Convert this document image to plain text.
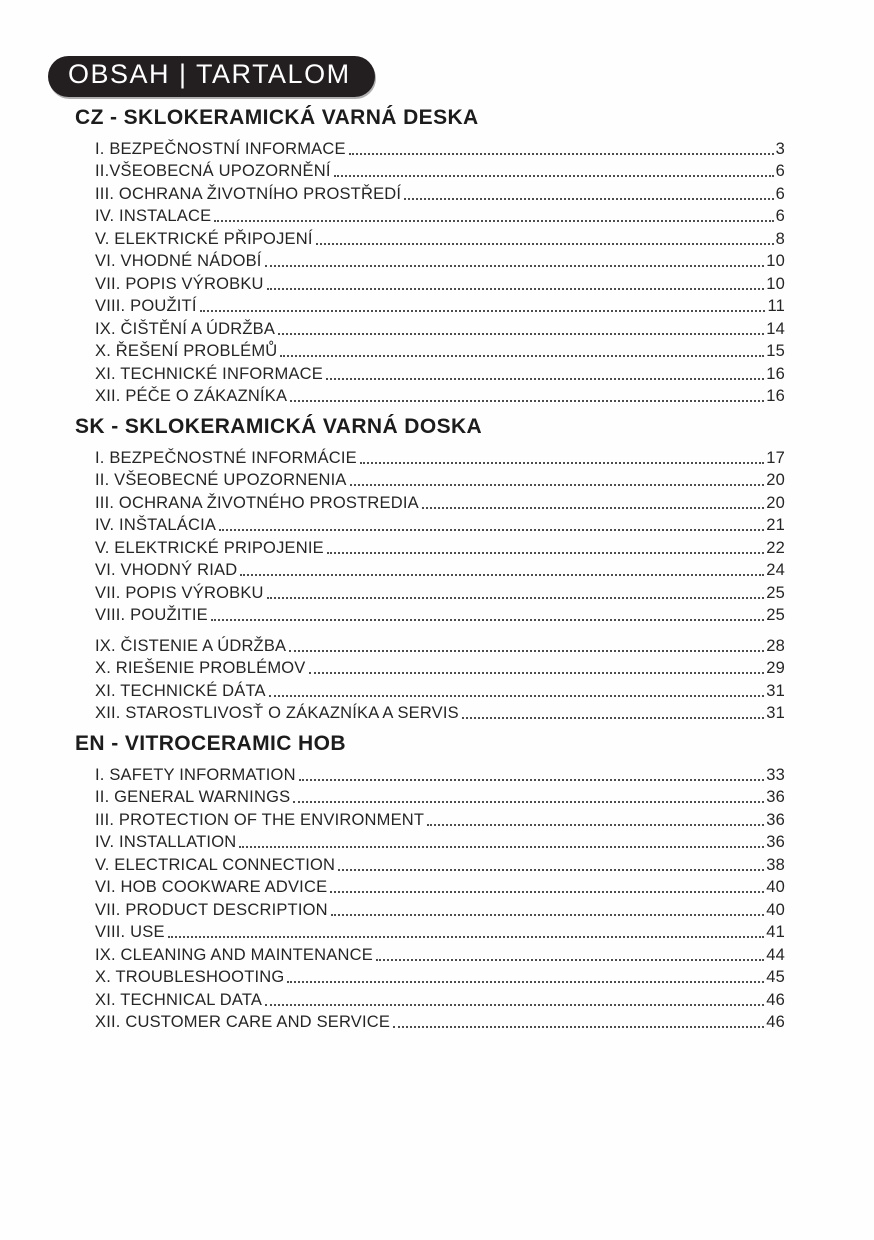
OBSAH | TARTALOM
CZ - SKLOKERAMICKÁ VARNÁ DESKA
I. BEZPEČNOSTNÍ INFORMACE	3
II.VŠEOBECNÁ UPOZORNĚNÍ	6
III. OCHRANA ŽIVOTNÍHO PROSTŘEDÍ	6
IV. INSTALACE	6
V. ELEKTRICKÉ PŘIPOJENÍ	8
VI. VHODNÉ NÁDOBÍ	10
VII. POPIS VÝROBKU	10
VIII. POUŽITÍ	11
IX. ČIŠTĚNÍ A ÚDRŽBA	14
X. ŘEŠENÍ PROBLÉMŮ	15
XI. TECHNICKÉ INFORMACE	16
XII. PÉČE O ZÁKAZNÍKA	16
SK - SKLOKERAMICKÁ VARNÁ DOSKA
I. BEZPEČNOSTNÉ INFORMÁCIE	17
II. VŠEOBECNÉ UPOZORNENIA	20
III. OCHRANA ŽIVOTNÉHO PROSTREDIA	20
IV. INŠTALÁCIA	21
V. ELEKTRICKÉ PRIPOJENIE	22
VI. VHODNÝ RIAD	24
VII. POPIS VÝROBKU	25
VIII. POUŽITIE	25
IX. ČISTENIE A ÚDRŽBA	28
X. RIEŠENIE PROBLÉMOV	29
XI. TECHNICKÉ DÁTA	31
XII. STAROSTLIVOSŤ O ZÁKAZNÍKA A SERVIS	31
EN - VITROCERAMIC HOB
I. SAFETY INFORMATION	33
II. GENERAL WARNINGS	36
III. PROTECTION OF THE ENVIRONMENT	36
IV. INSTALLATION	36
V. ELECTRICAL CONNECTION	38
VI. HOB COOKWARE ADVICE	40
VII. PRODUCT DESCRIPTION	40
VIII. USE	41
IX. CLEANING AND MAINTENANCE	44
X. TROUBLESHOOTING	45
XI. TECHNICAL DATA	46
XII. CUSTOMER CARE AND SERVICE	46
